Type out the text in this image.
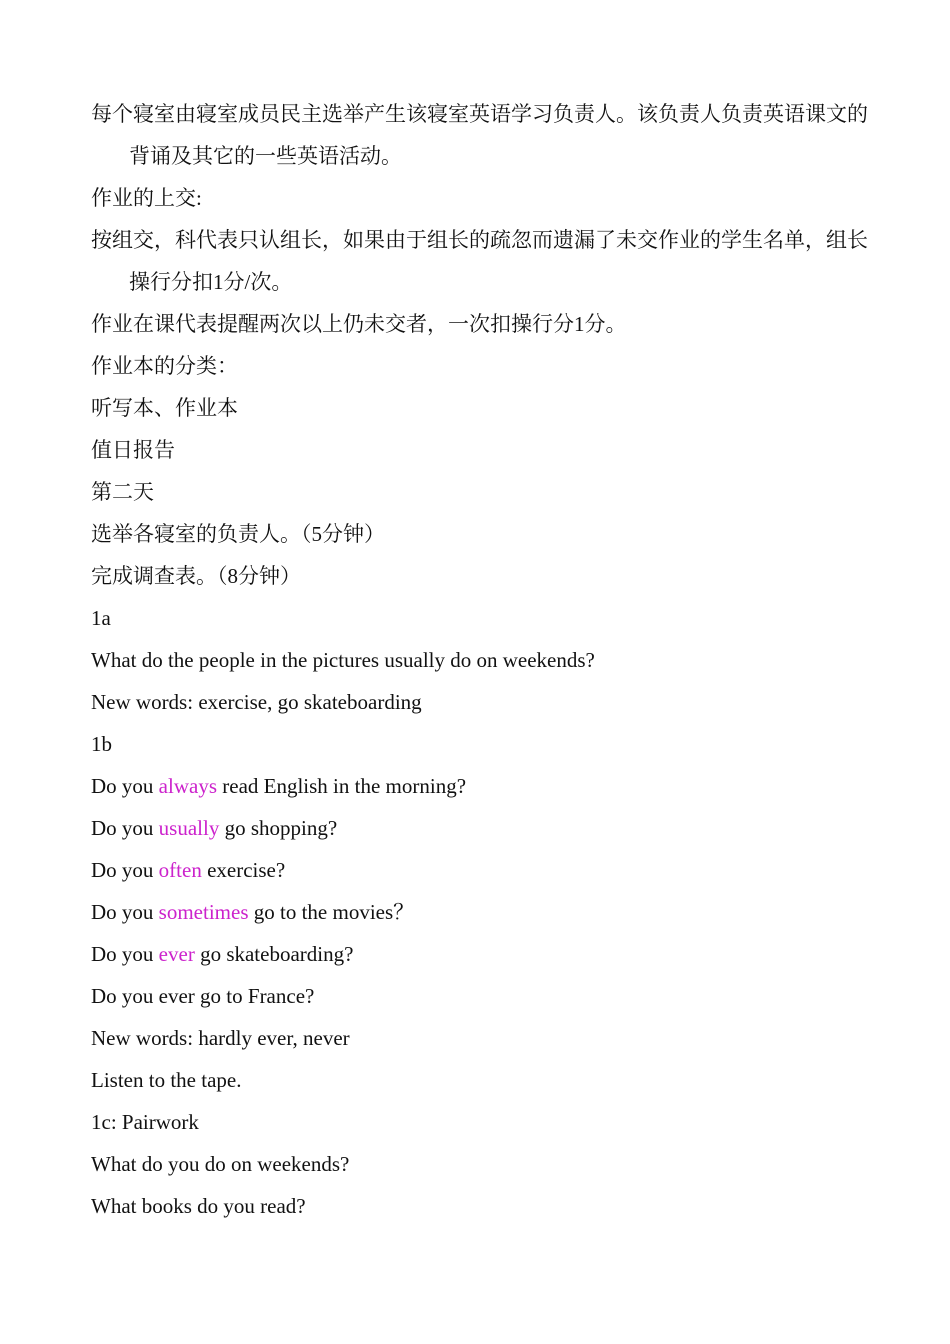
每个寝室由寝室成员民主选举产生该寝室英语学习负责人。该负责人负责英语课文的背诵及其它的一些英语活动。

作业的上交:

按组交，科代表只认组长，如果由于组长的疏忽而遗漏了未交作业的学生名单，组长操行分扣1分/次。

作业在课代表提醒两次以上仍未交者，一次扣操行分1分。

作业本的分类：

听写本、作业本

值日报告

第二天

选举各寝室的负责人。（5分钟）

完成调查表。（8分钟）

1a

What do the people in the pictures usually do on weekends?

New words: exercise, go skateboarding

1b

Do you always read English in the morning?

Do you usually go shopping?

Do you often exercise?

Do you sometimes go to the movies？

Do you ever go skateboarding?

Do you ever go to France?

New words: hardly ever, never

Listen to the tape.

1c: Pairwork

What do you do on weekends?

What books do you read?
